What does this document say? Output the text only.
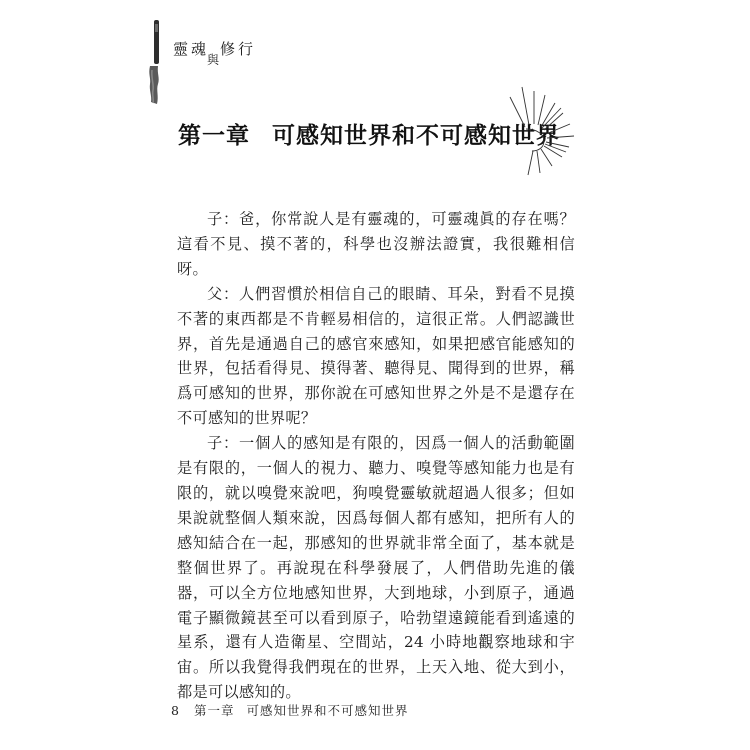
靈魂與修行
第一章 可感知世界和不可感知世界

子：爸，你常說人是有靈魂的，可靈魂眞的存在嗎？這看不見、摸不著的，科學也沒辦法證實，我很難相信呀。

父：人們習慣於相信自己的眼睛、耳朵，對看不見摸不著的東西都是不肯輕易相信的，這很正常。人們認識世界，首先是通過自己的感官來感知，如果把感官能感知的世界，包括看得見、摸得著、聽得見、聞得到的世界，稱爲可感知的世界，那你說在可感知世界之外是不是還存在不可感知的世界呢？

子：一個人的感知是有限的，因爲一個人的活動範圍是有限的，一個人的視力、聽力、嗅覺等感知能力也是有限的，就以嗅覺來說吧，狗嗅覺靈敏就超過人很多；但如果說就整個人類來說，因爲每個人都有感知，把所有人的感知結合在一起，那感知的世界就非常全面了，基本就是整個世界了。再說現在科學發展了，人們借助先進的儀器，可以全方位地感知世界，大到地球，小到原子，通過電子顯微鏡甚至可以看到原子，哈勃望遠鏡能看到遙遠的星系，還有人造衛星、空間站，24 小時地觀察地球和宇宙。所以我覺得我們現在的世界，上天入地、從大到小，都是可以感知的。

8 第一章 可感知世界和不可感知世界
